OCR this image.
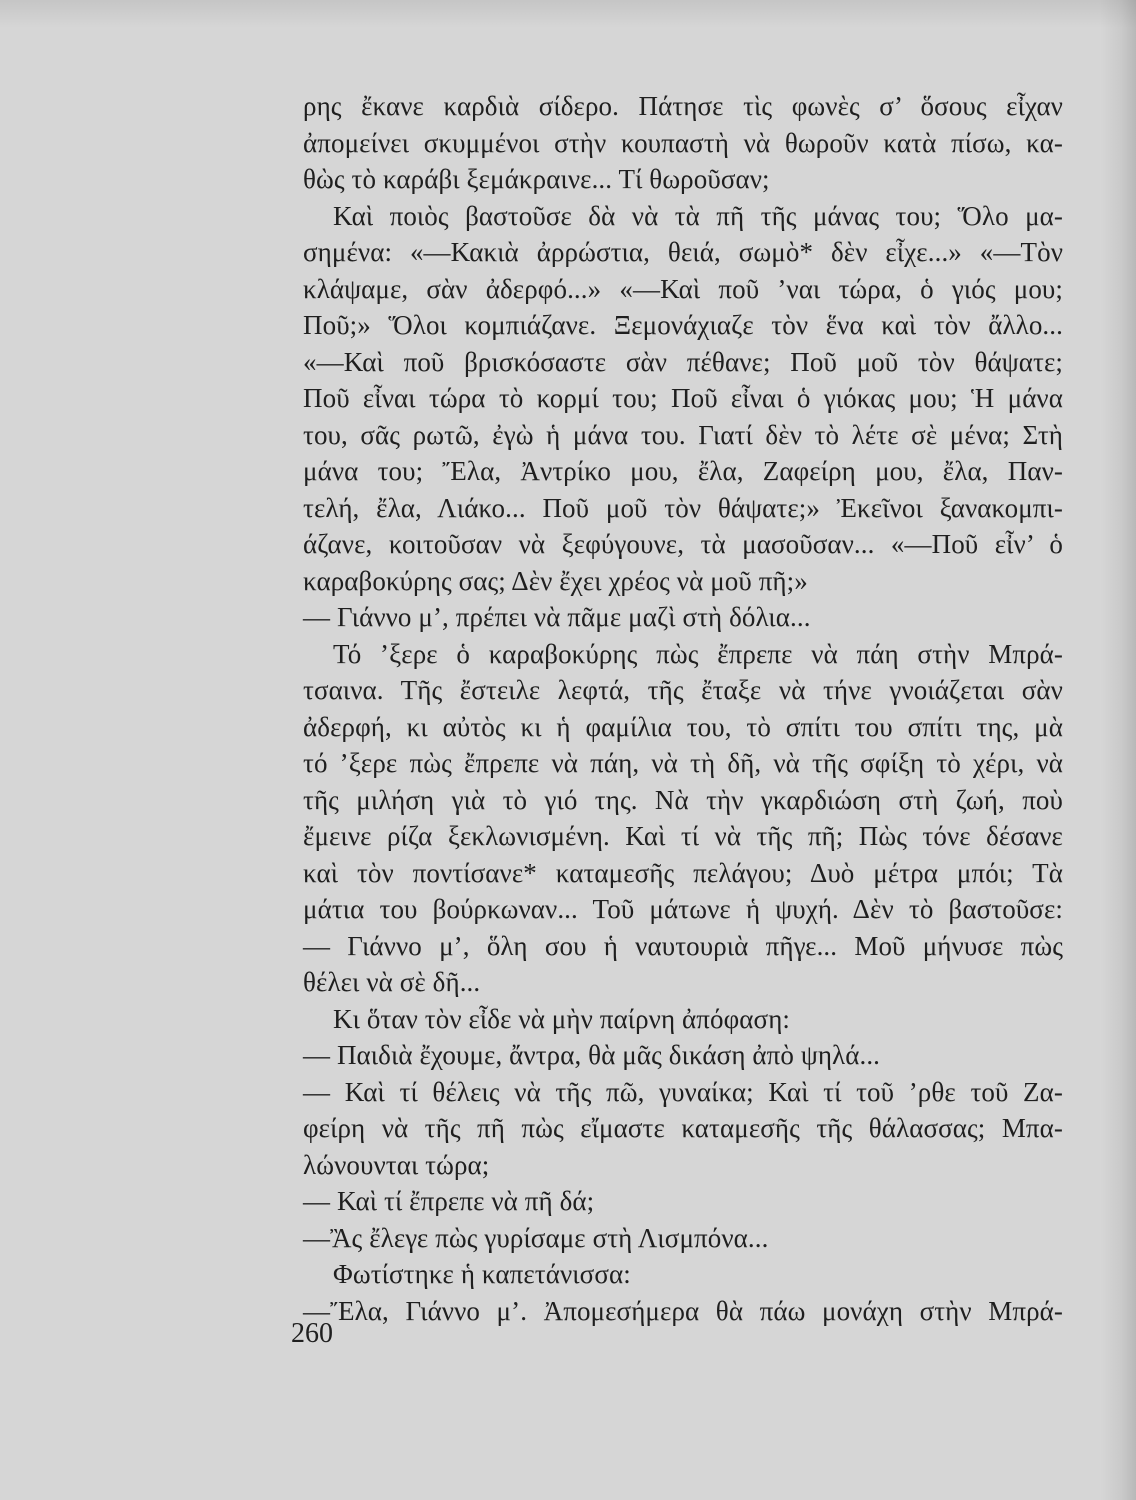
ρης ἔκανε καρδιὰ σίδερο. Πάτησε τὶς φωνὲς σ’ ὅσους εἶχαν
ἀπομείνει σκυμμένοι στὴν κουπαστὴ νὰ θωροῦν κατὰ πίσω, κα-
θὼς τὸ καράβι ξεμάκραινε... Τί θωροῦσαν;
Καὶ ποιὸς βαστοῦσε δὰ νὰ τὰ πῆ τῆς μάνας του; Ὅλο μα-
σημένα: «—Κακιὰ ἀρρώστια, θειά, σωμὸ* δὲν εἶχε...» «—Τὸν
κλάψαμε, σὰν ἀδερφό...» «—Καὶ ποῦ ’ναι τώρα, ὁ γιός μου;
Ποῦ;» Ὅλοι κομπιάζανε. Ξεμονάχιαζε τὸν ἕνα καὶ τὸν ἄλλο...
«—Καὶ ποῦ βρισκόσαστε σὰν πέθανε; Ποῦ μοῦ τὸν θάψατε;
Ποῦ εἶναι τώρα τὸ κορμί του; Ποῦ εἶναι ὁ γιόκας μου; Ἡ μάνα
του, σᾶς ρωτῶ, ἐγὼ ἡ μάνα του. Γιατί δὲν τὸ λέτε σὲ μένα; Στὴ
μάνα του; Ἔλα, Ἀντρίκο μου, ἔλα, Ζαφείρη μου, ἔλα, Παν-
τελή, ἔλα, Λιάκο... Ποῦ μοῦ τὸν θάψατε;» Ἐκεῖνοι ξανακομπι-
άζανε, κοιτοῦσαν νὰ ξεφύγουνε, τὰ μασοῦσαν... «—Ποῦ εἶν’ ὁ
καραβοκύρης σας; Δὲν ἔχει χρέος νὰ μοῦ πῆ;»
— Γιάννο μ’, πρέπει νὰ πᾶμε μαζὶ στὴ δόλια...
Τό ’ξερε ὁ καραβοκύρης πὼς ἔπρεπε νὰ πάη στὴν Μπρά-
τσαινα. Τῆς ἔστειλε λεφτά, τῆς ἔταξε νὰ τήνε γνοιάζεται σὰν
ἀδερφή, κι αὐτὸς κι ἡ φαμίλια του, τὸ σπίτι του σπίτι της, μὰ
τό ’ξερε πὼς ἔπρεπε νὰ πάη, νὰ τὴ δῆ, νὰ τῆς σφίξη τὸ χέρι, νὰ
τῆς μιλήση γιὰ τὸ γιό της. Νὰ τὴν γκαρδιώση στὴ ζωή, ποὺ
ἔμεινε ρίζα ξεκλωνισμένη. Καὶ τί νὰ τῆς πῆ; Πὼς τόνε δέσανε
καὶ τὸν ποντίσανε* καταμεσῆς πελάγου; Δυὸ μέτρα μπόι; Τὰ
μάτια του βούρκωναν... Τοῦ μάτωνε ἡ ψυχή. Δὲν τὸ βαστοῦσε:
— Γιάννο μ’, ὅλη σου ἡ ναυτουριὰ πῆγε... Μοῦ μήνυσε πὼς
θέλει νὰ σὲ δῆ...
Κι ὅταν τὸν εἶδε νὰ μὴν παίρνη ἀπόφαση:
— Παιδιὰ ἔχουμε, ἄντρα, θὰ μᾶς δικάση ἀπὸ ψηλά...
— Καὶ τί θέλεις νὰ τῆς πῶ, γυναίκα; Καὶ τί τοῦ ’ρθε τοῦ Ζα-
φείρη νὰ τῆς πῆ πὼς εἴμαστε καταμεσῆς τῆς θάλασσας; Μπα-
λώνουνται τώρα;
— Καὶ τί ἔπρεπε νὰ πῆ δά;
—Ἂς ἔλεγε πὼς γυρίσαμε στὴ Λισμπόνα...
Φωτίστηκε ἡ καπετάνισσα:
—Ἔλα, Γιάννο μ’. Ἀπομεσήμερα θὰ πάω μονάχη στὴν Μπρά-
260
